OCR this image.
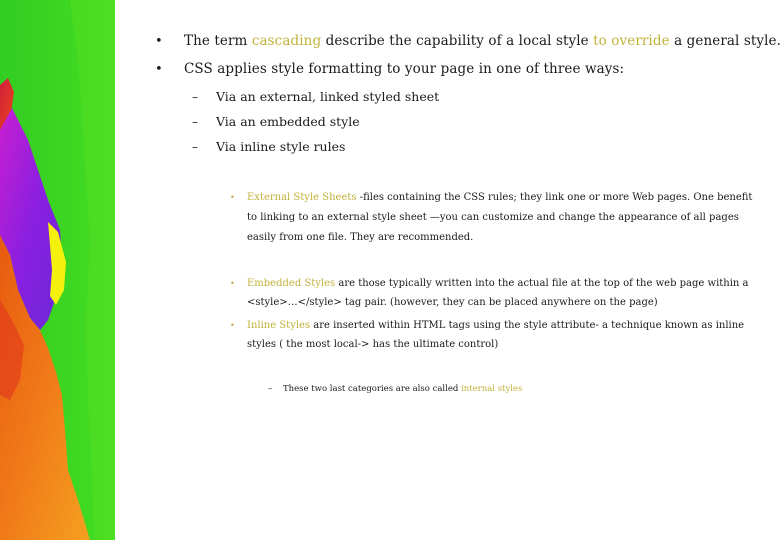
• The term cascading describe the capability of a local style to override a general style.
• CSS applies style formatting to your page in one of three ways:
– Via an external, linked styled sheet
– Via an embedded style
– Via inline style rules
• External Style Sheets -files containing the CSS rules; they link one or more Web pages. One benefit
to linking to an external style sheet —you can customize and change the appearance of all pages
easily from one file. They are recommended.
• Embedded Styles are those typically written into the actual file at the top of the web page within a
<style>…</style> tag pair. (however, they can be placed anywhere on the page)
• Inline Styles are inserted within HTML tags using the style attribute- a technique known as inline
styles ( the most local-> has the ultimate control)
– These two last categories are also called internal styles
